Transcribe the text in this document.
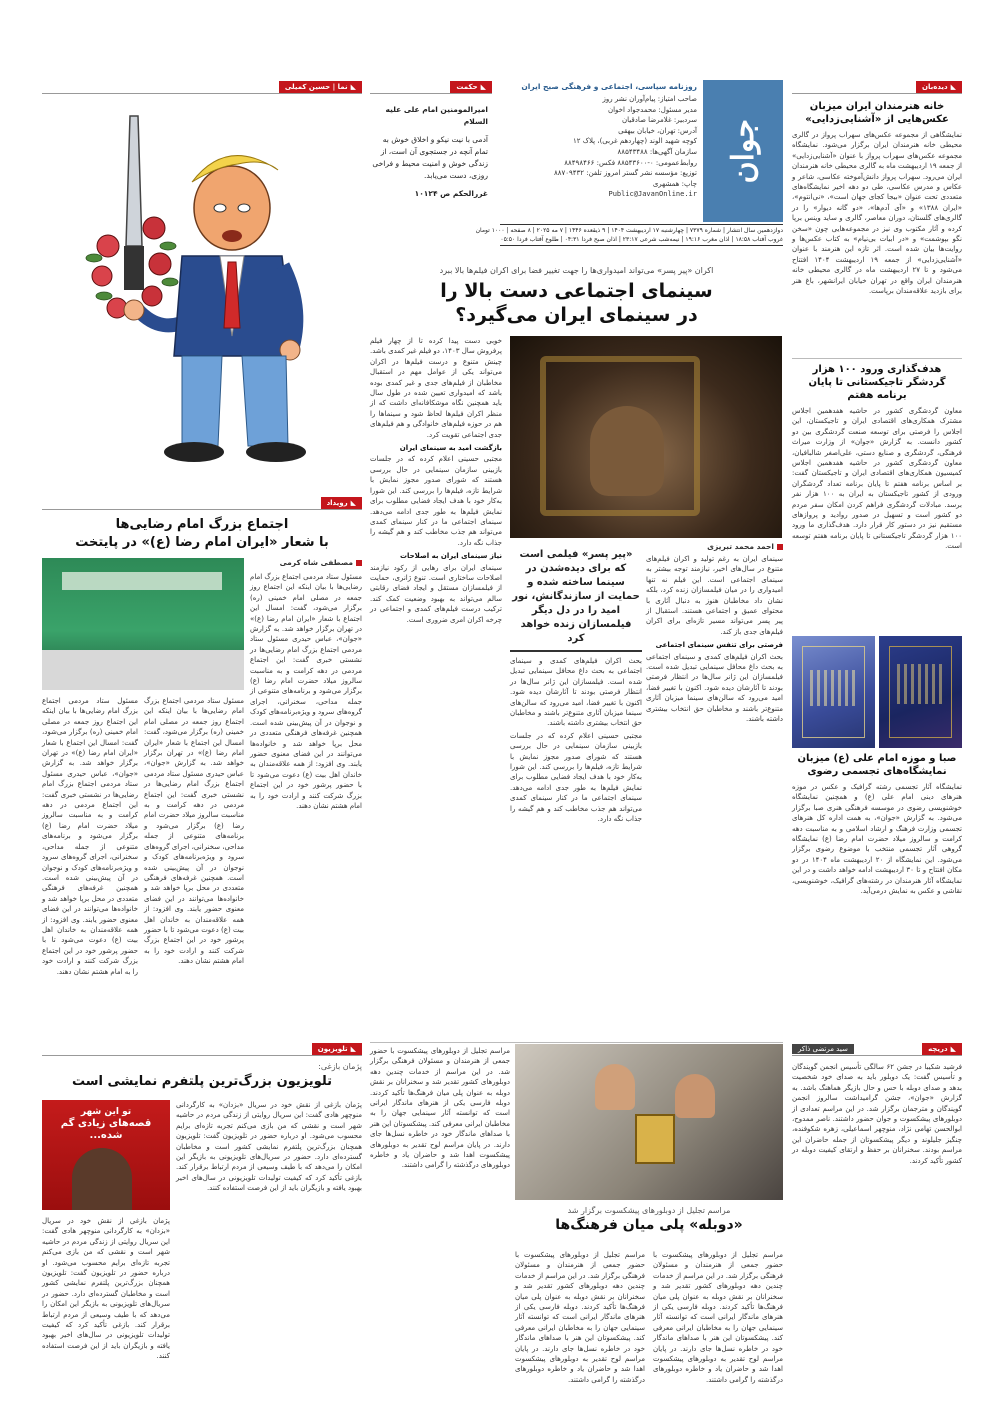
◣
دیده‌بان
خانه هنرمندان ایران میزبان عکس‌هایی از «آشنایی‌زدایی»
نمایشگاهی از مجموعه عکس‌های سهراب پرواز در گالری محیطی خانه هنرمندان ایران برگزار می‌شود. نمایشگاه مجموعه عکس‌های سهراب پرواز با عنوان «آشنایی‌زدایی» از جمعه ۱۹ اردیبهشت ماه به گالری محیطی خانه هنرمندان ایران می‌رود. سهراب پرواز دانش‌آموخته عکاسی، شاعر و عکاس و مدرس عکاسی، طی دو دهه اخیر نمایشگاه‌های متعددی تحت عنوان «بیجا کجای جهان است»، «نی‌انتوم»، «ایران ۱۳۸۸» و «آی آدم‌ها»، «دو گانه دیوار» را در گالری‌های گلستان، دوران معاصر، گالری و ساید وینس برپا کرده و آثار مکتوب وی نیز در مجموعه‌هایی چون «سخن نگو بپوشمت» و «در ابیات بی‌نیام» به کتاب عکس‌ها و روایت‌ها بیان شده است. اثر تازه این هنرمند با عنوان «آشنایی‌زدایی» از جمعه ۱۹ اردیبهشت ۱۴۰۴ افتتاح می‌شود و تا ۲۷ اردیبهشت ماه در گالری محیطی خانه هنرمندان ایران واقع در تهران خیابان ایرانشهر، باغ هنر برای بازدید علاقه‌مندان برپاست.
هدف‌گذاری ورود ۱۰۰ هزار گردشگر تاجیکستانی تا پایان برنامه هفتم
معاون گردشگری کشور در حاشیه هفدهمین اجلاس مشترک همکاری‌های اقتصادی ایران و تاجیکستان، این اجلاس را فرصتی برای توسعه صنعت گردشگری بین دو کشور دانست. به گزارش «جوان» از وزارت میراث فرهنگی، گردشگری و صنایع دستی، علی‌اصغر شالبافیان، معاون گردشگری کشور در حاشیه هفدهمین اجلاس کمیسیون همکاری‌های اقتصادی ایران و تاجیکستان گفت: بر اساس برنامه هفتم تا پایان برنامه تعداد گردشگران ورودی از کشور تاجیکستان به ایران به ۱۰۰ هزار نفر برسد. مبادلات گردشگری فراهم کردن امکان سفر مردم دو کشور است و تسهیل در صدور روادید و پروازهای مستقیم نیز در دستور کار قرار دارد. هدف‌گذاری ما ورود ۱۰۰ هزار گردشگر تاجیکستانی تا پایان برنامه هفتم توسعه است.
صبا و موزه امام علی (ع) میزبان نمایشگاه‌های تجسمی رضوی
نمایشگاه آثار تجسمی رشته گرافیک و عکس در موزه هنرهای دینی امام علی (ع) و همچنین نمایشگاه خوشنویسی رضوی در موسسه فرهنگی هنری صبا برگزار می‌شود. به گزارش «جوان»، به همت اداره کل هنرهای تجسمی وزارت فرهنگ و ارشاد اسلامی و به مناسبت دهه کرامت و سالروز میلاد حضرت امام رضا (ع) نمایشگاه گروهی آثار تجسمی منتخب با موضوع رضوی برگزار می‌شود. این نمایشگاه از ۲۰ اردیبهشت ماه ۱۴۰۴ در دو مکان افتتاح و تا ۳۰ اردیبهشت ادامه خواهد داشت و در این نمایشگاه آثار هنرمندان در رشته‌های گرافیک، خوشنویسی، نقاشی و عکس به نمایش درمی‌آید.
جوان
روزنامه سیاسی، اجتماعی و فرهنگی صبح ایران
صاحب امتیاز: پیام‌آوران نشر روز
مدیر مسئول: محمدجواد اخوان
سردبیر: غلامرضا صادقیان
آدرس: تهران، خیابان بیهقی
کوچه شهید الوند (چهاردهم غربی)، پلاک ۱۲
سازمان آگهی‌ها: ۸۸۵۴۳۴۸۸
روابط‌عمومی: ۰-۸۸۵۴۳۶۰۰ فکس: ۸۸۴۹۸۴۶۶
توزیع: مؤسسه نشر گستر امروز تلفن: ۸۸۷۰۹۴۳۲
چاپ: همشهری
Public@JavanOnline.ir
دوازدهمین سال انتشار | شماره ۷۳۷۹ | چهارشنبه ۱۷ اردیبهشت ۱۴۰۴ | ۹ ذیقعده ۱۴۴۶ | ۷ مه ۲۰۲۵ | ۸ صفحه | ۱۰۰۰ تومان
غروب آفتاب ۱۸:۵۸ | اذان مغرب ۱۹:۱۶ | نیمه‌شب شرعی ۲۳:۱۷ | اذان صبح فردا ۰۴:۳۱ | طلوع آفتاب فردا ۰۵:۵۰
◣
حکمت
امیرالمومنین امام علی علیه السلام
آدمی با نیت نیکو و اخلاق خوش به تمام آنچه در جستجوی آن است، از زندگی خوش و امنیت محیط و فراخی روزی، دست می‌یابد.
غررالحکم ص ۱۰۱۲۴
◣
نما | حسین کمیلی
اکران «پیر پسر» می‌تواند امیدواری‌ها را جهت تغییر فضا برای اکران فیلم‌ها بالا ببرد
سینمای اجتماعی دست بالا را
در سینمای ایران می‌گیرد؟

خوبی دست پیدا کرده تا از چهار فیلم پرفروش سال ۱۴۰۳، دو فیلم غیر کمدی باشد. چینش متنوع و درست فیلم‌ها در اکران می‌تواند یکی از عوامل مهم در استقبال مخاطبان از فیلم‌های جدی و غیر کمدی بوده باشد که امیدواری تعیین شده در طول سال باید همچنین نگاه موشکافانه‌ای داشت که از منظر اکران فیلم‌ها لحاظ شود و سینماها را هم در حوزه فیلم‌های خانوادگی و هم فیلم‌های جدی اجتماعی تقویت کرد.

بازگشت امید به سینمای ایران

مجتبی حسینی اعلام کرده که در جلسات بازبینی سازمان سینمایی در حال بررسی هستند که شورای صدور مجوز نمایش با شرایط تازه، فیلم‌ها را بررسی کند. این شورا به‌کار خود با هدف ایجاد فضایی مطلوب برای نمایش فیلم‌ها به طور جدی ادامه می‌دهد. سینمای اجتماعی ما در کنار سینمای کمدی می‌تواند هم جذب مخاطب کند و هم گیشه را جذاب نگه دارد.

نیاز سینمای ایران به اصلاحات

سینمای ایران برای رهایی از رکود نیازمند اصلاحات ساختاری است. تنوع ژانری، حمایت از فیلمسازان مستقل و ایجاد فضای رقابتی سالم می‌تواند به بهبود وضعیت کمک کند. ترکیب درست فیلم‌های کمدی و اجتماعی در چرخه اکران امری ضروری است.

احمد محمد تبریزی

سینمای ایران به رغم تولید و اکران فیلم‌های متنوع در سال‌های اخیر، نیازمند توجه بیشتر به سینمای اجتماعی است. این فیلم نه تنها امیدواری را در میان فیلمسازان زنده کرد، بلکه نشان داد مخاطبان هنوز به دنبال آثاری با محتوای عمیق و اجتماعی هستند. استقبال از پیر پسر می‌تواند مسیر تازه‌ای برای اکران فیلم‌های جدی باز کند.

فرصتی برای تنفس سینمای اجتماعی

بحث اکران فیلم‌های کمدی و سینمای اجتماعی به بحث داغ محافل سینمایی تبدیل شده است. فیلمسازان این ژانر سال‌ها در انتظار فرصتی بودند تا آثارشان دیده شود. اکنون با تغییر فضا، امید می‌رود که سالن‌های سینما میزبان آثاری متنوع‌تر باشند و مخاطبان حق انتخاب بیشتری داشته باشند.

«پیر پسر» فیلمی است که برای دیده‌شدن در سینما ساخته شده و حمایت از سازندگانش، نور امید را در دل دیگر فیلمسازان زنده خواهد کرد

بحث اکران فیلم‌های کمدی و سینمای اجتماعی به بحث داغ محافل سینمایی تبدیل شده است. فیلمسازان این ژانر سال‌ها در انتظار فرصتی بودند تا آثارشان دیده شود. اکنون با تغییر فضا، امید می‌رود که سالن‌های سینما میزبان آثاری متنوع‌تر باشند و مخاطبان حق انتخاب بیشتری داشته باشند.

مجتبی حسینی اعلام کرده که در جلسات بازبینی سازمان سینمایی در حال بررسی هستند که شورای صدور مجوز نمایش با شرایط تازه، فیلم‌ها را بررسی کند. این شورا به‌کار خود با هدف ایجاد فضایی مطلوب برای نمایش فیلم‌ها به طور جدی ادامه می‌دهد. سینمای اجتماعی ما در کنار سینمای کمدی می‌تواند هم جذب مخاطب کند و هم گیشه را جذاب نگه دارد.

◣
رویداد
اجتماع بزرگ امام رضایی‌ها
با شعار «ایران امام رضا (ع)» در پایتخت
مصطفی شاه کرمی
مسئول ستاد مردمی اجتماع بزرگ امام رضایی‌ها با بیان اینکه این اجتماع روز جمعه در مصلی امام خمینی (ره) برگزار می‌شود، گفت: امسال این اجتماع با شعار «ایران امام رضا (ع)» در تهران برگزار خواهد شد. به گزارش «جوان»، عباس حیدری مسئول ستاد مردمی اجتماع بزرگ امام رضایی‌ها در نشستی خبری گفت: این اجتماع مردمی در دهه کرامت و به مناسبت سالروز میلاد حضرت امام رضا (ع) برگزار می‌شود و برنامه‌های متنوعی از جمله مداحی، سخنرانی، اجرای گروه‌های سرود و ویژه‌برنامه‌های کودک و نوجوان در آن پیش‌بینی شده است. همچنین غرفه‌های فرهنگی متعددی در محل برپا خواهد شد و خانواده‌ها می‌توانند در این فضای معنوی حضور یابند. وی افزود: از همه علاقه‌مندان به خاندان اهل بیت (ع) دعوت می‌شود تا با حضور پرشور خود در این اجتماع بزرگ شرکت کنند و ارادت خود را به امام هشتم نشان دهند.
مسئول ستاد مردمی اجتماع بزرگ امام رضایی‌ها با بیان اینکه این اجتماع روز جمعه در مصلی امام خمینی (ره) برگزار می‌شود، گفت: امسال این اجتماع با شعار «ایران امام رضا (ع)» در تهران برگزار خواهد شد. به گزارش «جوان»، عباس حیدری مسئول ستاد مردمی اجتماع بزرگ امام رضایی‌ها در نشستی خبری گفت: این اجتماع مردمی در دهه کرامت و به مناسبت سالروز میلاد حضرت امام رضا (ع) برگزار می‌شود و برنامه‌های متنوعی از جمله مداحی، سخنرانی، اجرای گروه‌های سرود و ویژه‌برنامه‌های کودک و نوجوان در آن پیش‌بینی شده است. همچنین غرفه‌های فرهنگی متعددی در محل برپا خواهد شد و خانواده‌ها می‌توانند در این فضای معنوی حضور یابند. وی افزود: از همه علاقه‌مندان به خاندان اهل بیت (ع) دعوت می‌شود تا با حضور پرشور خود در این اجتماع بزرگ شرکت کنند و ارادت خود را به امام هشتم نشان دهند.
مسئول ستاد مردمی اجتماع بزرگ امام رضایی‌ها با بیان اینکه این اجتماع روز جمعه در مصلی امام خمینی (ره) برگزار می‌شود، گفت: امسال این اجتماع با شعار «ایران امام رضا (ع)» در تهران برگزار خواهد شد. به گزارش «جوان»، عباس حیدری مسئول ستاد مردمی اجتماع بزرگ امام رضایی‌ها در نشستی خبری گفت: این اجتماع مردمی در دهه کرامت و به مناسبت سالروز میلاد حضرت امام رضا (ع) برگزار می‌شود و برنامه‌های متنوعی از جمله مداحی، سخنرانی، اجرای گروه‌های سرود و ویژه‌برنامه‌های کودک و نوجوان در آن پیش‌بینی شده است. همچنین غرفه‌های فرهنگی متعددی در محل برپا خواهد شد و خانواده‌ها می‌توانند در این فضای معنوی حضور یابند. وی افزود: از همه علاقه‌مندان به خاندان اهل بیت (ع) دعوت می‌شود تا با حضور پرشور خود در این اجتماع بزرگ شرکت کنند و ارادت خود را به امام هشتم نشان دهند.
◣
تلویزیون
پژمان بازغی:
تلویزیون بزرگ‌ترین پلتفرم نمایشی است
تو این شهر
قصه‌های زیادی گم شده...
پژمان بازغی از نقش خود در سریال «بزدان» به کارگردانی منوچهر هادی گفت: این سریال روایتی از زندگی مردم در حاشیه شهر است و نقشی که من بازی می‌کنم تجربه تازه‌ای برایم محسوب می‌شود. او درباره حضور در تلویزیون گفت: تلویزیون همچنان بزرگ‌ترین پلتفرم نمایشی کشور است و مخاطبان گسترده‌ای دارد. حضور در سریال‌های تلویزیونی به بازیگر این امکان را می‌دهد که با طیف وسیعی از مردم ارتباط برقرار کند. بازغی تأکید کرد که کیفیت تولیدات تلویزیونی در سال‌های اخیر بهبود یافته و بازیگران باید از این فرصت استفاده کنند.
پژمان بازغی از نقش خود در سریال «بزدان» به کارگردانی منوچهر هادی گفت: این سریال روایتی از زندگی مردم در حاشیه شهر است و نقشی که من بازی می‌کنم تجربه تازه‌ای برایم محسوب می‌شود. او درباره حضور در تلویزیون گفت: تلویزیون همچنان بزرگ‌ترین پلتفرم نمایشی کشور است و مخاطبان گسترده‌ای دارد. حضور در سریال‌های تلویزیونی به بازیگر این امکان را می‌دهد که با طیف وسیعی از مردم ارتباط برقرار کند. بازغی تأکید کرد که کیفیت تولیدات تلویزیونی در سال‌های اخیر بهبود یافته و بازیگران باید از این فرصت استفاده کنند.
مراسم تجلیل از دوبلورهای پیشکسوت با حضور جمعی از هنرمندان و مسئولان فرهنگی برگزار شد. در این مراسم از خدمات چندین دهه دوبلورهای کشور تقدیر شد و سخنرانان بر نقش دوبله به عنوان پلی میان فرهنگ‌ها تأکید کردند. دوبله فارسی یکی از هنرهای ماندگار ایرانی است که توانسته آثار سینمایی جهان را به مخاطبان ایرانی معرفی کند. پیشکسوتان این هنر با صداهای ماندگار خود در خاطره نسل‌ها جای دارند. در پایان مراسم لوح تقدیر به دوبلورهای پیشکسوت اهدا شد و حاضران یاد و خاطره دوبلورهای درگذشته را گرامی داشتند.
مراسم تجلیل از دوبلورهای پیشکسوت برگزار شد
«دوبله» پلی میان فرهنگ‌ها
مراسم تجلیل از دوبلورهای پیشکسوت با حضور جمعی از هنرمندان و مسئولان فرهنگی برگزار شد. در این مراسم از خدمات چندین دهه دوبلورهای کشور تقدیر شد و سخنرانان بر نقش دوبله به عنوان پلی میان فرهنگ‌ها تأکید کردند. دوبله فارسی یکی از هنرهای ماندگار ایرانی است که توانسته آثار سینمایی جهان را به مخاطبان ایرانی معرفی کند. پیشکسوتان این هنر با صداهای ماندگار خود در خاطره نسل‌ها جای دارند. در پایان مراسم لوح تقدیر به دوبلورهای پیشکسوت اهدا شد و حاضران یاد و خاطره دوبلورهای درگذشته را گرامی داشتند.
مراسم تجلیل از دوبلورهای پیشکسوت با حضور جمعی از هنرمندان و مسئولان فرهنگی برگزار شد. در این مراسم از خدمات چندین دهه دوبلورهای کشور تقدیر شد و سخنرانان بر نقش دوبله به عنوان پلی میان فرهنگ‌ها تأکید کردند. دوبله فارسی یکی از هنرهای ماندگار ایرانی است که توانسته آثار سینمایی جهان را به مخاطبان ایرانی معرفی کند. پیشکسوتان این هنر با صداهای ماندگار خود در خاطره نسل‌ها جای دارند. در پایان مراسم لوح تقدیر به دوبلورهای پیشکسوت اهدا شد و حاضران یاد و خاطره دوبلورهای درگذشته را گرامی داشتند.
◣
دریچه
سید مرتضی ذاکر
فرشید شکیبا در جشن ۶۲ سالگی تأسیس انجمن گویندگان و تأسیس گفت: یک دوبلور باید به صدای خود شخصیت بدهد و صدای دوبله با حس و حال بازیگر هماهنگ باشد. به گزارش «جوان»، جشن گرامیداشت سالروز انجمن گویندگان و مترجمان برگزار شد. در این مراسم تعدادی از دوبلورهای پیشکسوت و جوان حضور داشتند. ناصر ممدوح، ابوالحسن تهامی نژاد، منوچهر اسماعیلی، زهره شکوفنده، چنگیز جلیلوند و دیگر پیشکسوتان از جمله حاضران این مراسم بودند. سخنرانان بر حفظ و ارتقای کیفیت دوبله در کشور تأکید کردند.
